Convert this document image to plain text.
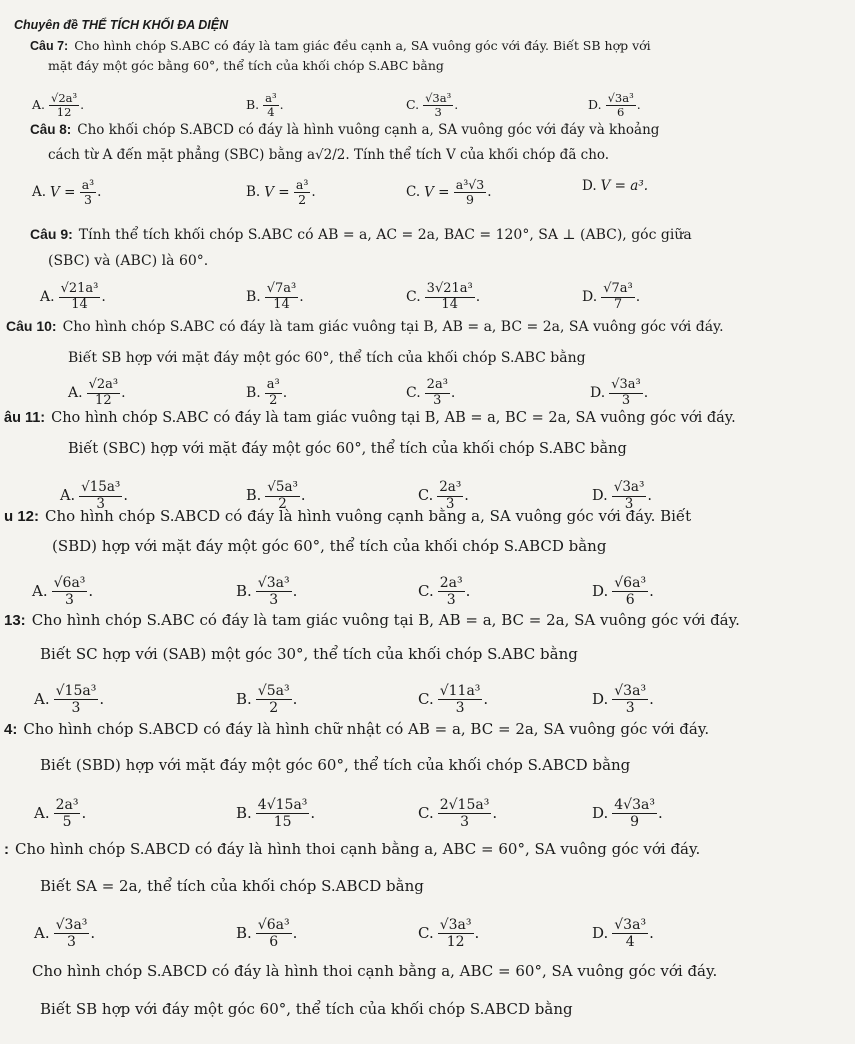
Chuyên đề THỂ TÍCH KHỐI ĐA DIỆN
Câu 7: Cho hình chóp S.ABC có đáy là tam giác đều cạnh a, SA vuông góc với đáy. Biết SB hợp với
mặt đáy một góc bằng 60°, thể tích của khối chóp S.ABC bằng
A. $\frac{\text{√2a³}}{12}$ .	B. $\frac{\text{a³}}{4}$ .	C. $\frac{\text{√3a³}}{3}$ .	D. $\frac{\text{√3a³}}{6}$ .
Câu 8: Cho khối chóp S.ABCD có đáy là hình vuông cạnh a, SA vuông góc với đáy và khoảng
cách từ A đến mặt phẳng (SBC) bằng a√2/2. Tính thể tích V của khối chóp đã cho.
A. $V = \frac{\text{a³}}{3}$ .	B. $V = \frac{\text{a³}}{2}$ .	C. $V = \frac{\text{a³√3}}{9}$ .	D. V = a³.
Câu 9: Tính thể tích khối chóp S.ABC có AB = a, AC = 2a, BAC = 120°, SA ⊥ (ABC), góc giữa
(SBC) và (ABC) là 60°.
A. $\frac{\text{√21a³}}{14}$ .	B. $\frac{\text{√7a³}}{14}$ .	C. $\frac{\text{3√21a³}}{14}$ .	D. $\frac{\text{√7a³}}{7}$ .
Câu 10: Cho hình chóp S.ABC có đáy là tam giác vuông tại B, AB = a, BC = 2a, SA vuông góc với đáy.
Biết SB hợp với mặt đáy một góc 60°, thể tích của khối chóp S.ABC bằng
A. $\frac{\text{√2a³}}{12}$ .	B. $\frac{\text{a³}}{2}$ .	C. $\frac{\text{2a³}}{3}$ .	D. $\frac{\text{√3a³}}{3}$ .
âu 11: Cho hình chóp S.ABC có đáy là tam giác vuông tại B, AB = a, BC = 2a, SA vuông góc với đáy.
Biết (SBC) hợp với mặt đáy một góc 60°, thể tích của khối chóp S.ABC bằng
A. $\frac{\text{√15a³}}{3}$ .	B. $\frac{\text{√5a³}}{2}$ .	C. $\frac{\text{2a³}}{3}$ .	D. $\frac{\text{√3a³}}{3}$ .
u 12: Cho hình chóp S.ABCD có đáy là hình vuông cạnh bằng a, SA vuông góc với đáy. Biết
(SBD) hợp với mặt đáy một góc 60°, thể tích của khối chóp S.ABCD bằng
A. $\frac{\text{√6a³}}{3}$ .	B. $\frac{\text{√3a³}}{3}$ .	C. $\frac{\text{2a³}}{3}$ .	D. $\frac{\text{√6a³}}{6}$ .
13: Cho hình chóp S.ABC có đáy là tam giác vuông tại B, AB = a, BC = 2a, SA vuông góc với đáy.
Biết SC hợp với (SAB) một góc 30°, thể tích của khối chóp S.ABC bằng
A. $\frac{\text{√15a³}}{3}$ .	B. $\frac{\text{√5a³}}{2}$ .	C. $\frac{\text{√11a³}}{3}$ .	D. $\frac{\text{√3a³}}{3}$ .
4: Cho hình chóp S.ABCD có đáy là hình chữ nhật có AB = a, BC = 2a, SA vuông góc với đáy.
Biết (SBD) hợp với mặt đáy một góc 60°, thể tích của khối chóp S.ABCD bằng
A. $\frac{\text{2a³}}{5}$ .	B. $\frac{\text{4√15a³}}{15}$ .	C. $\frac{\text{2√15a³}}{3}$ .	D. $\frac{\text{4√3a³}}{9}$ .
: Cho hình chóp S.ABCD có đáy là hình thoi cạnh bằng a, ABC = 60°, SA vuông góc với đáy.
Biết SA = 2a, thể tích của khối chóp S.ABCD bằng
A. $\frac{\text{√3a³}}{3}$ .	B. $\frac{\text{√6a³}}{6}$ .	C. $\frac{\text{√3a³}}{12}$ .	D. $\frac{\text{√3a³}}{4}$ .
Cho hình chóp S.ABCD có đáy là hình thoi cạnh bằng a, ABC = 60°, SA vuông góc với đáy.
Biết SB hợp với đáy một góc 60°, thể tích của khối chóp S.ABCD bằng
